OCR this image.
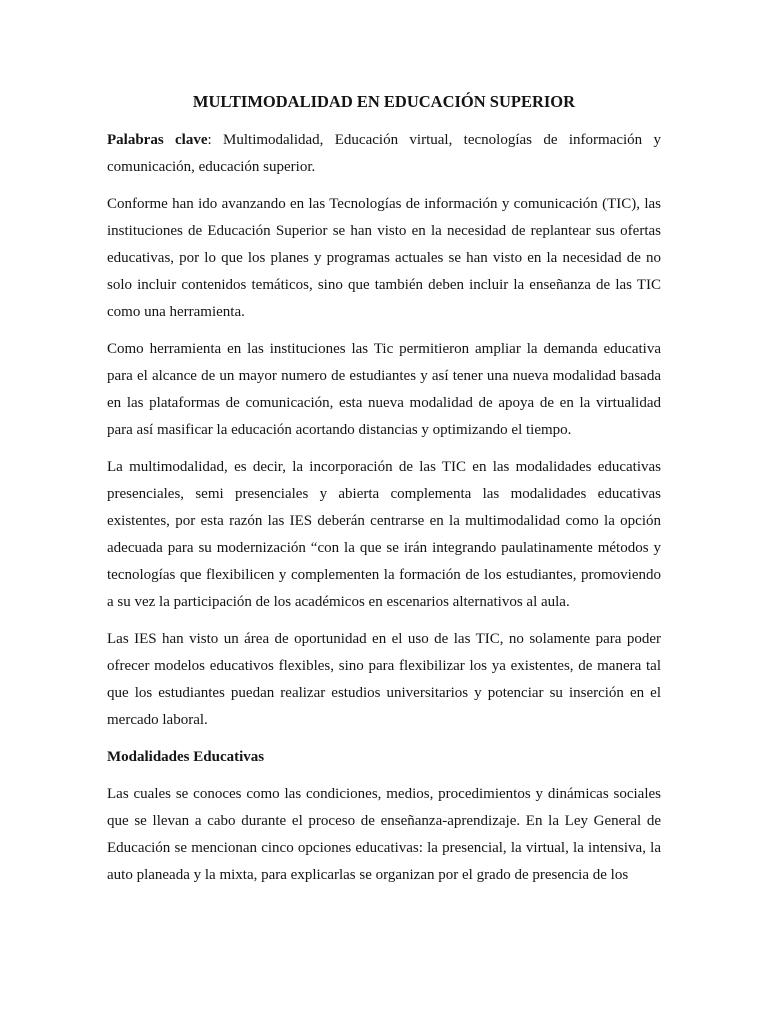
MULTIMODALIDAD EN EDUCACIÓN SUPERIOR

Palabras clave: Multimodalidad, Educación virtual, tecnologías de información y comunicación, educación superior.

Conforme han ido avanzando en las Tecnologías de información y comunicación (TIC), las instituciones de Educación Superior se han visto en la necesidad de replantear sus ofertas educativas, por lo que los planes y programas actuales se han visto en la necesidad de no solo incluir contenidos temáticos, sino que también deben incluir la enseñanza de las TIC como una herramienta.

Como herramienta en las instituciones las Tic permitieron ampliar la demanda educativa para el alcance de un mayor numero de estudiantes y así tener una nueva modalidad basada en las plataformas de comunicación, esta nueva modalidad de apoya de en la virtualidad para así masificar la educación acortando distancias y optimizando el tiempo.

La multimodalidad, es decir, la incorporación de las TIC en las modalidades educativas presenciales, semi presenciales y abierta complementa las modalidades educativas existentes, por esta razón las IES deberán centrarse en la multimodalidad como la opción adecuada para su modernización “con la que se irán integrando paulatinamente métodos y tecnologías que flexibilicen y complementen la formación de los estudiantes, promoviendo a su vez la participación de los académicos en escenarios alternativos al aula.

Las IES han visto un área de oportunidad en el uso de las TIC, no solamente para poder ofrecer modelos educativos flexibles, sino para flexibilizar los ya existentes, de manera tal que los estudiantes puedan realizar estudios universitarios y potenciar su inserción en el mercado laboral.

Modalidades Educativas

Las cuales se conoces como las condiciones, medios, procedimientos y dinámicas sociales que se llevan a cabo durante el proceso de enseñanza-aprendizaje. En la Ley General de Educación se mencionan cinco opciones educativas: la presencial, la virtual, la intensiva, la auto planeada y la mixta, para explicarlas se organizan por el grado de presencia de los
